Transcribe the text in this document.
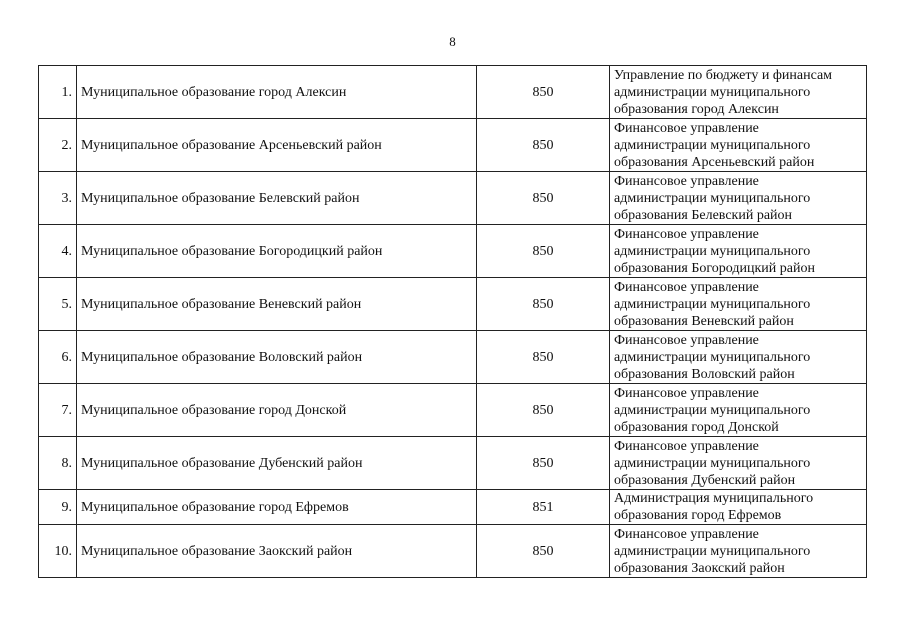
8
1.	Муниципальное образование город Алексин	850	Управление по бюджету и финансам
администрации муниципального
образования город Алексин
2.	Муниципальное образование Арсеньевский район	850	Финансовое управление
администрации муниципального
образования Арсеньевский район
3.	Муниципальное образование Белевский район	850	Финансовое управление
администрации муниципального
образования Белевский район
4.	Муниципальное образование Богородицкий район	850	Финансовое управление
администрации муниципального
образования Богородицкий район
5.	Муниципальное образование Веневский район	850	Финансовое управление
администрации муниципального
образования Веневский район
6.	Муниципальное образование Воловский район	850	Финансовое управление
администрации муниципального
образования Воловский район
7.	Муниципальное образование город Донской	850	Финансовое управление
администрации муниципального
образования город Донской
8.	Муниципальное образование Дубенский район	850	Финансовое управление
администрации муниципального
образования Дубенский район
9.	Муниципальное образование город Ефремов	851	Администрация муниципального
образования город Ефремов
10.	Муниципальное образование Заокский район	850	Финансовое управление
администрации муниципального
образования Заокский район
